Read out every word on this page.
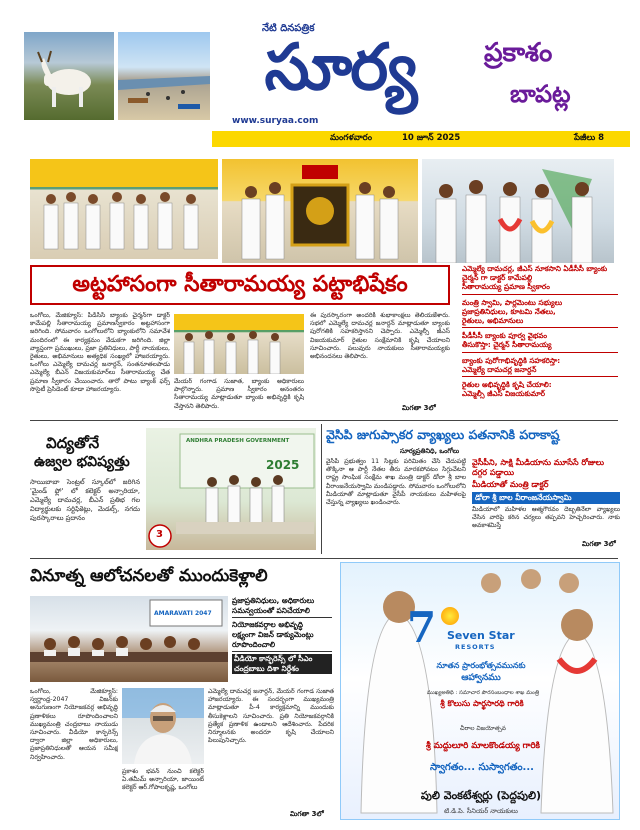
నేటి దినపత్రిక
సూర్య
www.suryaa.com
ప్రకాశం
బాపట్ల
మంగళవారం	10 జూన్ 2025	పేజీలు 8
అట్టహాసంగా సీతారామయ్య పట్టాభిషేకం
ఎమ్మెల్యే దామచర్ల, జీఎస్ నూకసాని ఏడీసీసీ బ్యాంకు
చైర్మన్ గా డాక్టర్ కామేపల్లి
సీతారామయ్య ప్రమాణ స్వీకారం
మంత్రి స్వామి, పార్లమెంటు సభ్యులు
ప్రజాప్రతినిధులు, కూటమి నేతలు,
రైతులు, అభిమానులు
పీడీసీసీ బ్యాంకు పూర్వ వైభవం
తీసుకొస్తా: చైర్మన్ సీతారామయ్య
బ్యాంకు పురోగాభివృద్ధికి సహకరిస్తా:
ఎమ్మెల్యే దామచర్ల జనార్దన్
రైతుల అభివృద్ధికి కృషి చేయాలి:
ఎమ్మెల్సీ జీఎస్ విజయకుమార్
ఒంగోలు, మేజిక్యూస్: పీడీసీసీ బ్యాంకు చైర్మన్‌గా డాక్టర్ కామేపల్లి సీతారామయ్య ప్రమాణస్వీకారం అట్టహాసంగా జరిగింది. సోమవారం ఒంగోలులోని బ్యాంకులోని సమావేశ మందిరంలో ఈ కార్యక్రమం వేడుకగా జరిగింది. జిల్లా వ్యాప్తంగా ప్రముఖులు, ప్రజా ప్రతినిధులు, పార్టీ నాయకులు, రైతులు, అభిమానులు అత్యధిక సంఖ్యలో హాజరయ్యారు. ఒంగోలు ఎమ్మెల్యే దామచర్ల జనార్దన్, సంతనూతలపాడు ఎమ్మెల్యే బీఎన్ విజయకుమార్‌లు సీతారామయ్య చేత ప్రమాణ స్వీకారం చేయించారు. తారో పాటు బ్యాంక్ ఫర్స్ సొసైటీ ప్రెసిడెంట్ కూడా హాజరయ్యారు.
మేయర్ గంగాడ సుజాత, బ్యాంకు అధికారులు పాల్గొన్నారు. ప్రమాణ స్వీకారం అనంతరం సీతారామయ్య మాట్లాడుతూ బ్యాంకు అభివృద్ధికి కృషి చేస్తానని తెలిపారు.
ఈ పురస్కారంగా అందరికీ శుభాకాంక్షలు తెలియజేశారు. సభలో ఎమ్మెల్యే దామచర్ల జనార్దన్ మాట్లాడుతూ బ్యాంకు పురోగతికి సహకరిస్తానని చెప్పారు. ఎమ్మెల్సీ జీఎస్ విజయకుమార్ రైతుల సంక్షేమానికి కృషి చేయాలని సూచించారు. పలువురు నాయకులు సీతారామయ్యకు అభినందనలు తెలిపారు.
మిగతా 3లో
విద్యతోనే
ఉజ్వల భవిష్యత్తు
సాయిబాబా సెంట్రల్ స్కూల్‌లో జరిగిన 'మైండ్ ఫ్లో' లో కలెక్టర్ అన్సారియా, ఎమ్మెల్యే దామచర్ల, బీఎన్ ప్రతిభ గల విద్యార్థులకు సర్టిఫికెట్లు, మెడల్స్, నగదు పురస్కారాలు ప్రదానం
ANDHRA PRADESH GOVERNMENT
2025
3
వైసిపి జుగుప్సాకర వ్యాఖ్యలు పతనానికి పరాకాష్ట
సూర్యప్రతినిధి, ఒంగోలు
వైసీపీ ప్రభుత్వం 11 సీట్లకు పరిమితం చేసి చేదుపట్టి తొక్కినా ఆ పార్టీ నేతల తీరు మారకపోవటం సిగ్గుచేటని రాష్ట్ర సాంఘిక సంక్షేమ శాఖ మంత్రి డాక్టర్ డోలా శ్రీ బాల వీరాంజనేయస్వామి మండిపడ్డారు. సోమవారం ఒంగోలులోని మీడియాతో మాట్లాడుతూ వైసీపీ నాయకులు మహిళలపై చేస్తున్న వ్యాఖ్యలు ఖండించారు.
వైసీపీని, సాక్షి మీడియాను మూసేసే రోజులు దగ్గర పడ్డాయి
మీడియాతో మంత్రి డాక్టర్
డోలా శ్రీ బాల వీరాంజనేయస్వామి
మీడియాలో మహిళల ఆత్మగౌరవం దెబ్బతినేలా వ్యాఖ్యలు చేసిన వారిపై కఠిన చర్యలు తప్పవని హెచ్చరించారు. నాకు అవకాశమిస్తే
మిగతా 3లో
వినూత్న ఆలోచనలతో ముందుకెళ్లాలి
AMARAVATI 2047
ప్రజాప్రతినిధులు, అధికారులు
సమన్వయంతో పనిచేయాలి
నియోజకవర్గాల అభివృద్ధి
లక్ష్యంగా విజన్ డాక్యుమెంట్లు
రూపొందించాలి
వీడియో కాన్ఫరెన్స్ లో సీఎం
చంద్రబాబు దిశా నిర్దేశం
ఒంగోలు, మేజిక్యూస్: స్వర్ణాంధ్ర-2047 విజన్‌కు అనుగుణంగా నియోజకవర్గ అభివృద్ధి ప్రణాళికలు రూపొందించాలని ముఖ్యమంత్రి చంద్రబాబు నాయుడు సూచించారు. వీడియో కాన్ఫరెన్స్ ద్వారా జిల్లా అధికారులు, ప్రజాప్రతినిధులతో ఆయన సమీక్ష నిర్వహించారు.
ప్రకాశం భవన్ నుంచి కలెక్టర్ ఏ.తమీమ్ అన్సారియా, జాయింట్ కలెక్టర్ ఆర్.గోపాలకృష్ణ, ఒంగోలు
ఎమ్మెల్యే దామచర్ల జనార్దన్, మేయర్ గంగాడ సుజాత హాజరయ్యారు. ఈ సందర్భంగా ముఖ్యమంత్రి మాట్లాడుతూ పీ-4 కార్యక్రమాన్ని ముందుకు తీసుకెళ్లాలని సూచించారు. ప్రతి నియోజకవర్గానికి ప్రత్యేక ప్రణాళిక ఉండాలని ఆదేశించారు. పేదరిక నిర్మూలనకు అందరూ కృషి చేయాలని పిలుపునిచ్చారు.
మిగతా 3లో
7 Seven Star
RESORTS
నూతన ప్రారంభోత్సవమునకు
ఆహ్వానము
ముఖ్యఅతిథి : సమాచార పౌరసంబంధాల శాఖ మంత్రి
శ్రీ కొలుసు పార్థసారథి గారికి
చీరాల విజయోత్సవ
శ్రీ మద్దులూరి మాలకొండయ్య గారికి
స్వాగతం... సుస్వాగతం...
పులి వెంకటేశ్వర్లు (పెద్దపులి)
టి.డి.పి. సీనియర్ నాయకులు
